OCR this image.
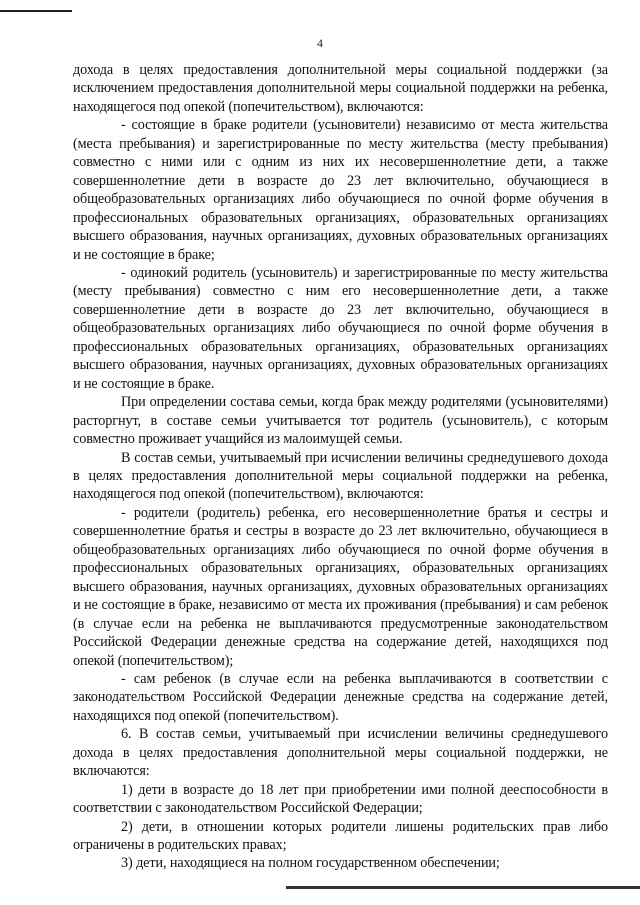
4

дохода в целях предоставления дополнительной меры социальной поддержки (за исключением предоставления дополнительной меры социальной поддержки на ребенка, находящегося под опекой (попечительством), включаются:

- состоящие в браке родители (усыновители) независимо от места жительства (места пребывания) и зарегистрированные по месту жительства (месту пребывания) совместно с ними или с одним из них их несовершеннолетние дети, а также совершеннолетние дети в возрасте до 23 лет включительно, обучающиеся в общеобразовательных организациях либо обучающиеся по очной форме обучения в профессиональных образовательных организациях, образовательных организациях высшего образования, научных организациях, духовных образовательных организациях и не состоящие в браке;

- одинокий родитель (усыновитель) и зарегистрированные по месту жительства (месту пребывания) совместно с ним его несовершеннолетние дети, а также совершеннолетние дети в возрасте до 23 лет включительно, обучающиеся в общеобразовательных организациях либо обучающиеся по очной форме обучения в профессиональных образовательных организациях, образовательных организациях высшего образования, научных организациях, духовных образовательных организациях и не состоящие в браке.

При определении состава семьи, когда брак между родителями (усыновителями) расторгнут, в составе семьи учитывается тот родитель (усыновитель), с которым совместно проживает учащийся из малоимущей семьи.

В состав семьи, учитываемый при исчислении величины среднедушевого дохода в целях предоставления дополнительной меры социальной поддержки на ребенка, находящегося под опекой (попечительством), включаются:

- родители (родитель) ребенка, его несовершеннолетние братья и сестры и совершеннолетние братья и сестры в возрасте до 23 лет включительно, обучающиеся в общеобразовательных организациях либо обучающиеся по очной форме обучения в профессиональных образовательных организациях, образовательных организациях высшего образования, научных организациях, духовных образовательных организациях и не состоящие в браке, независимо от места их проживания (пребывания) и сам ребенок (в случае если на ребенка не выплачиваются предусмотренные законодательством Российской Федерации денежные средства на содержание детей, находящихся под опекой (попечительством);

- сам ребенок (в случае если на ребенка выплачиваются в соответствии с законодательством Российской Федерации денежные средства на содержание детей, находящихся под опекой (попечительством).

6. В состав семьи, учитываемый при исчислении величины среднедушевого дохода в целях предоставления дополнительной меры социальной поддержки, не включаются:

1) дети в возрасте до 18 лет при приобретении ими полной дееспособности в соответствии с законодательством Российской Федерации;

2) дети, в отношении которых родители лишены родительских прав либо ограничены в родительских правах;

3) дети, находящиеся на полном государственном обеспечении;
